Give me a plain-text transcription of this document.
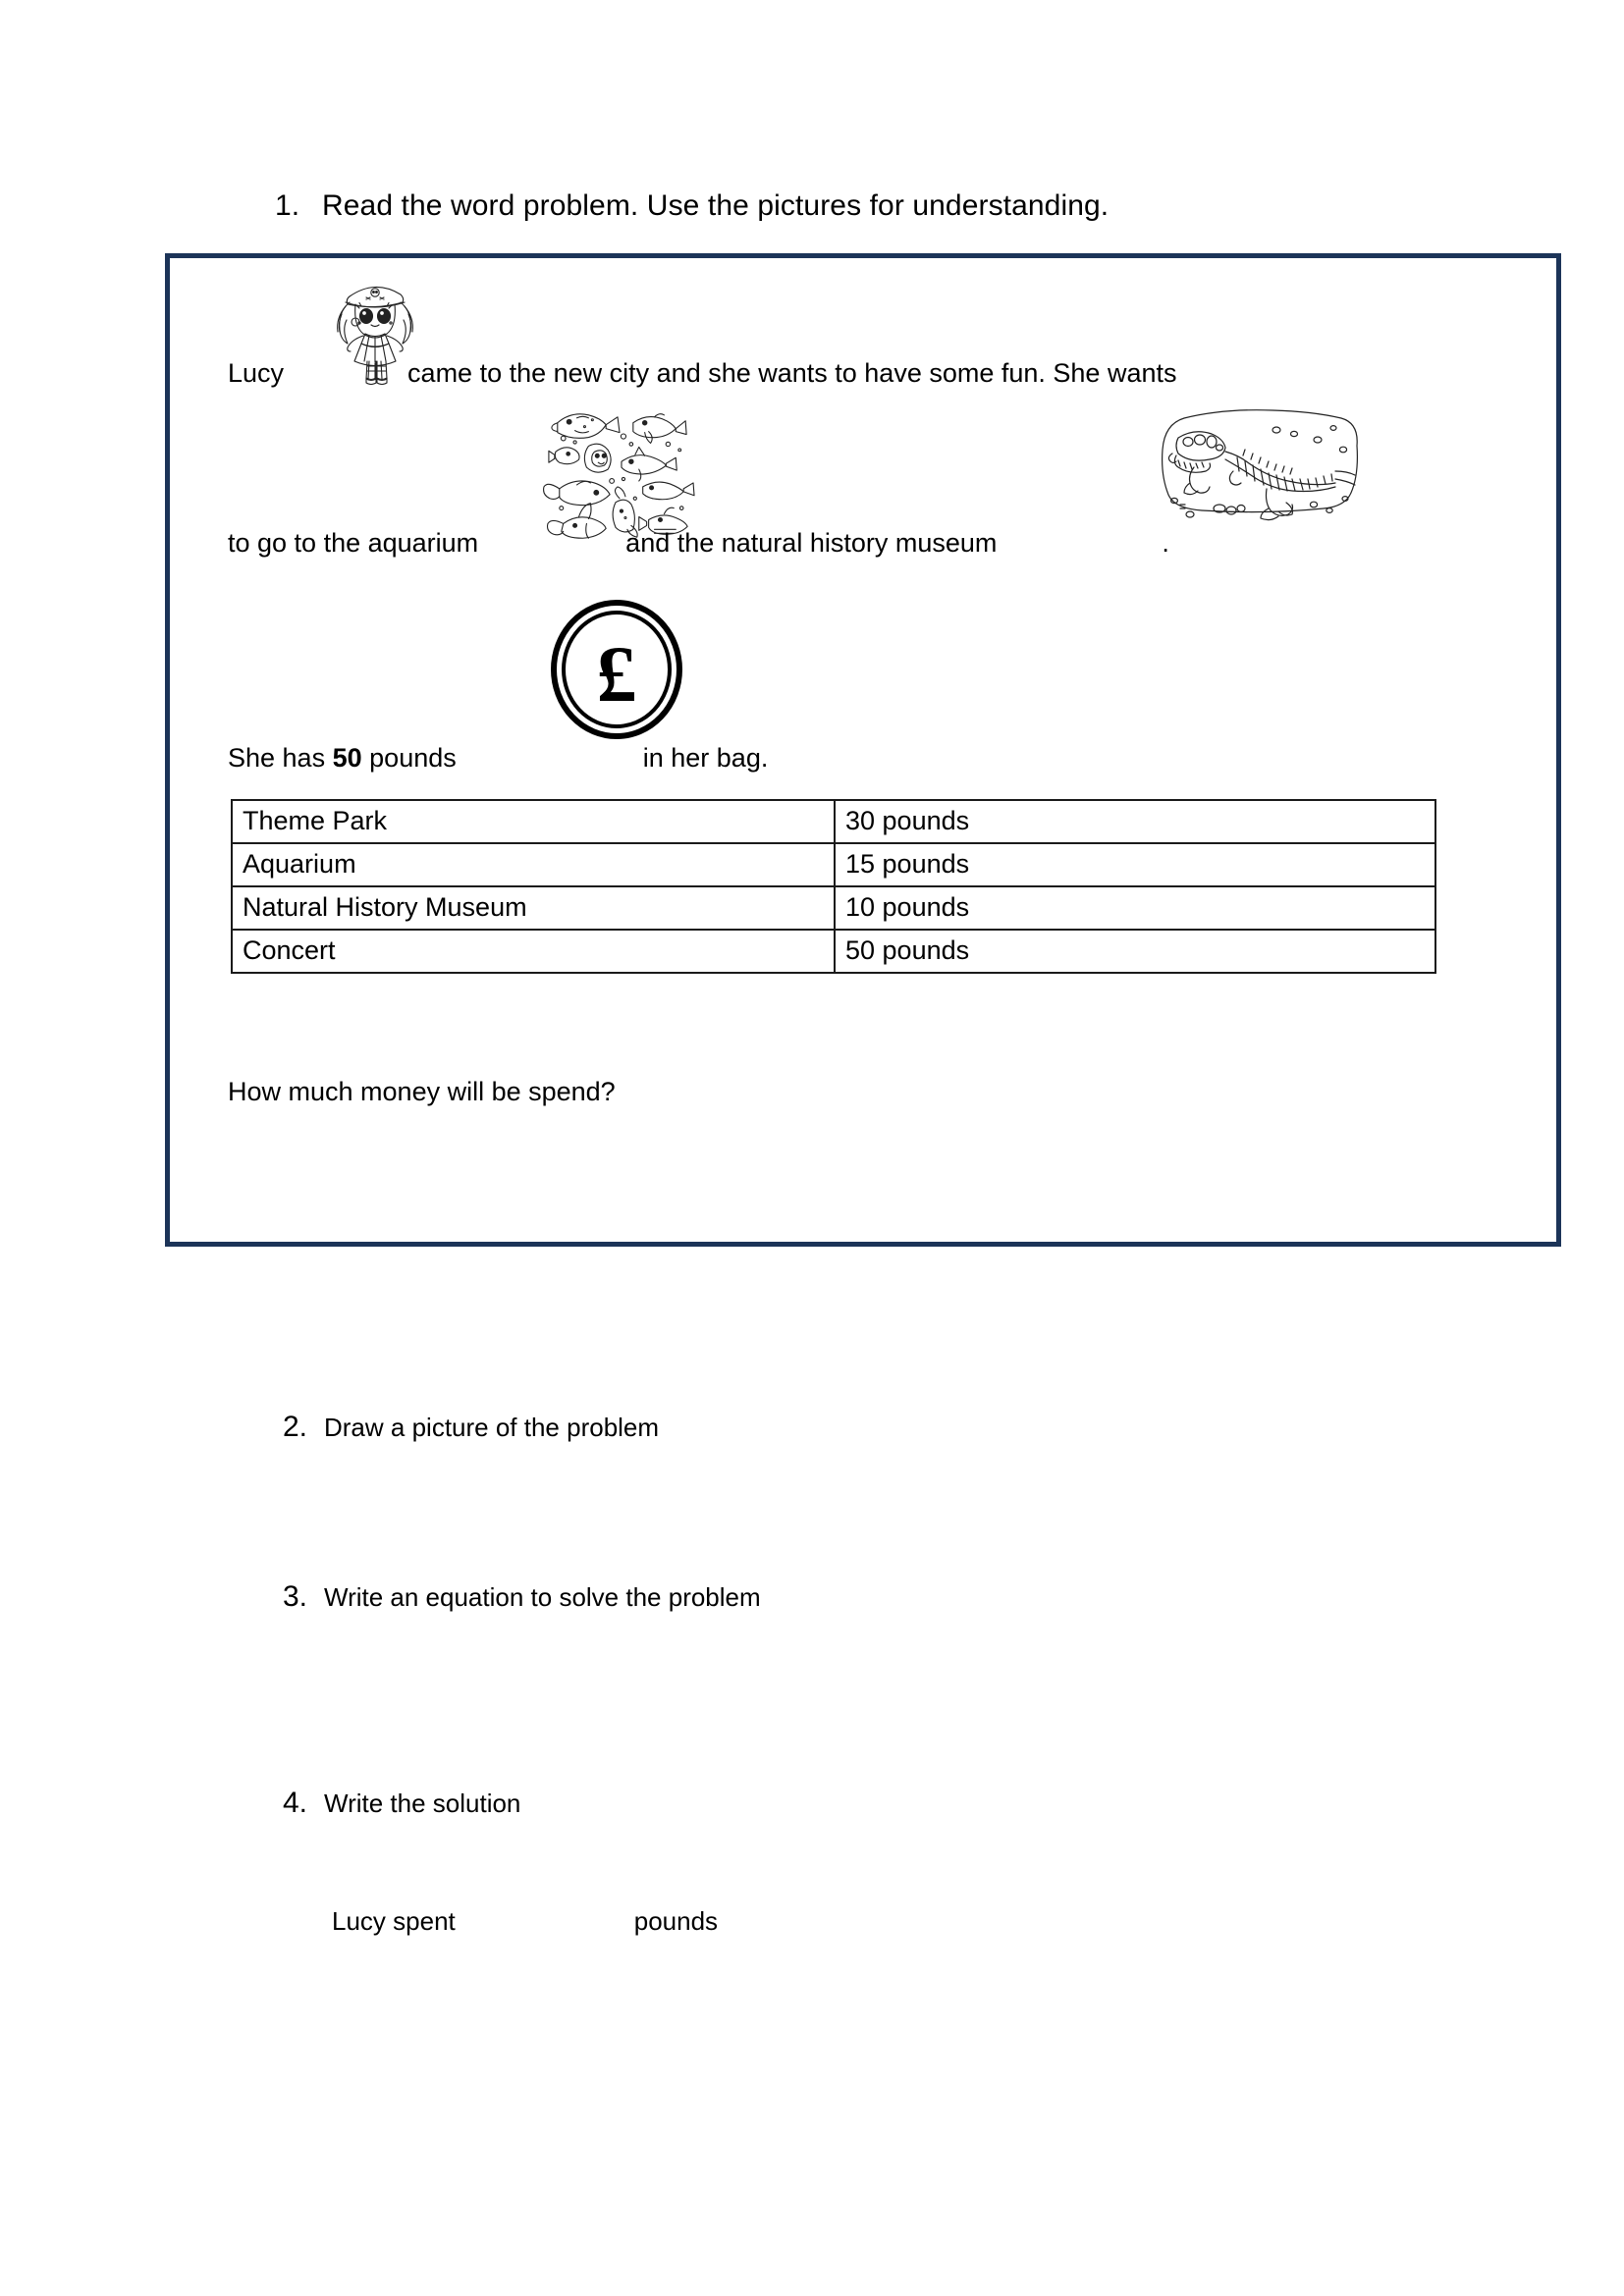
1. Read the word problem. Use the pictures for understanding.
£
Lucy	came to the new city and she wants to have some fun. She wants
to go to the aquarium	and the natural history museum	.
She has 50 pounds	in her bag.
How much money will be spend?
Theme Park	30 pounds
Aquarium	15 pounds
Natural History Museum	10 pounds
Concert	50 pounds
2. Draw a picture of the problem
3. Write an equation to solve the problem
4. Write the solution
Lucy spent	pounds
